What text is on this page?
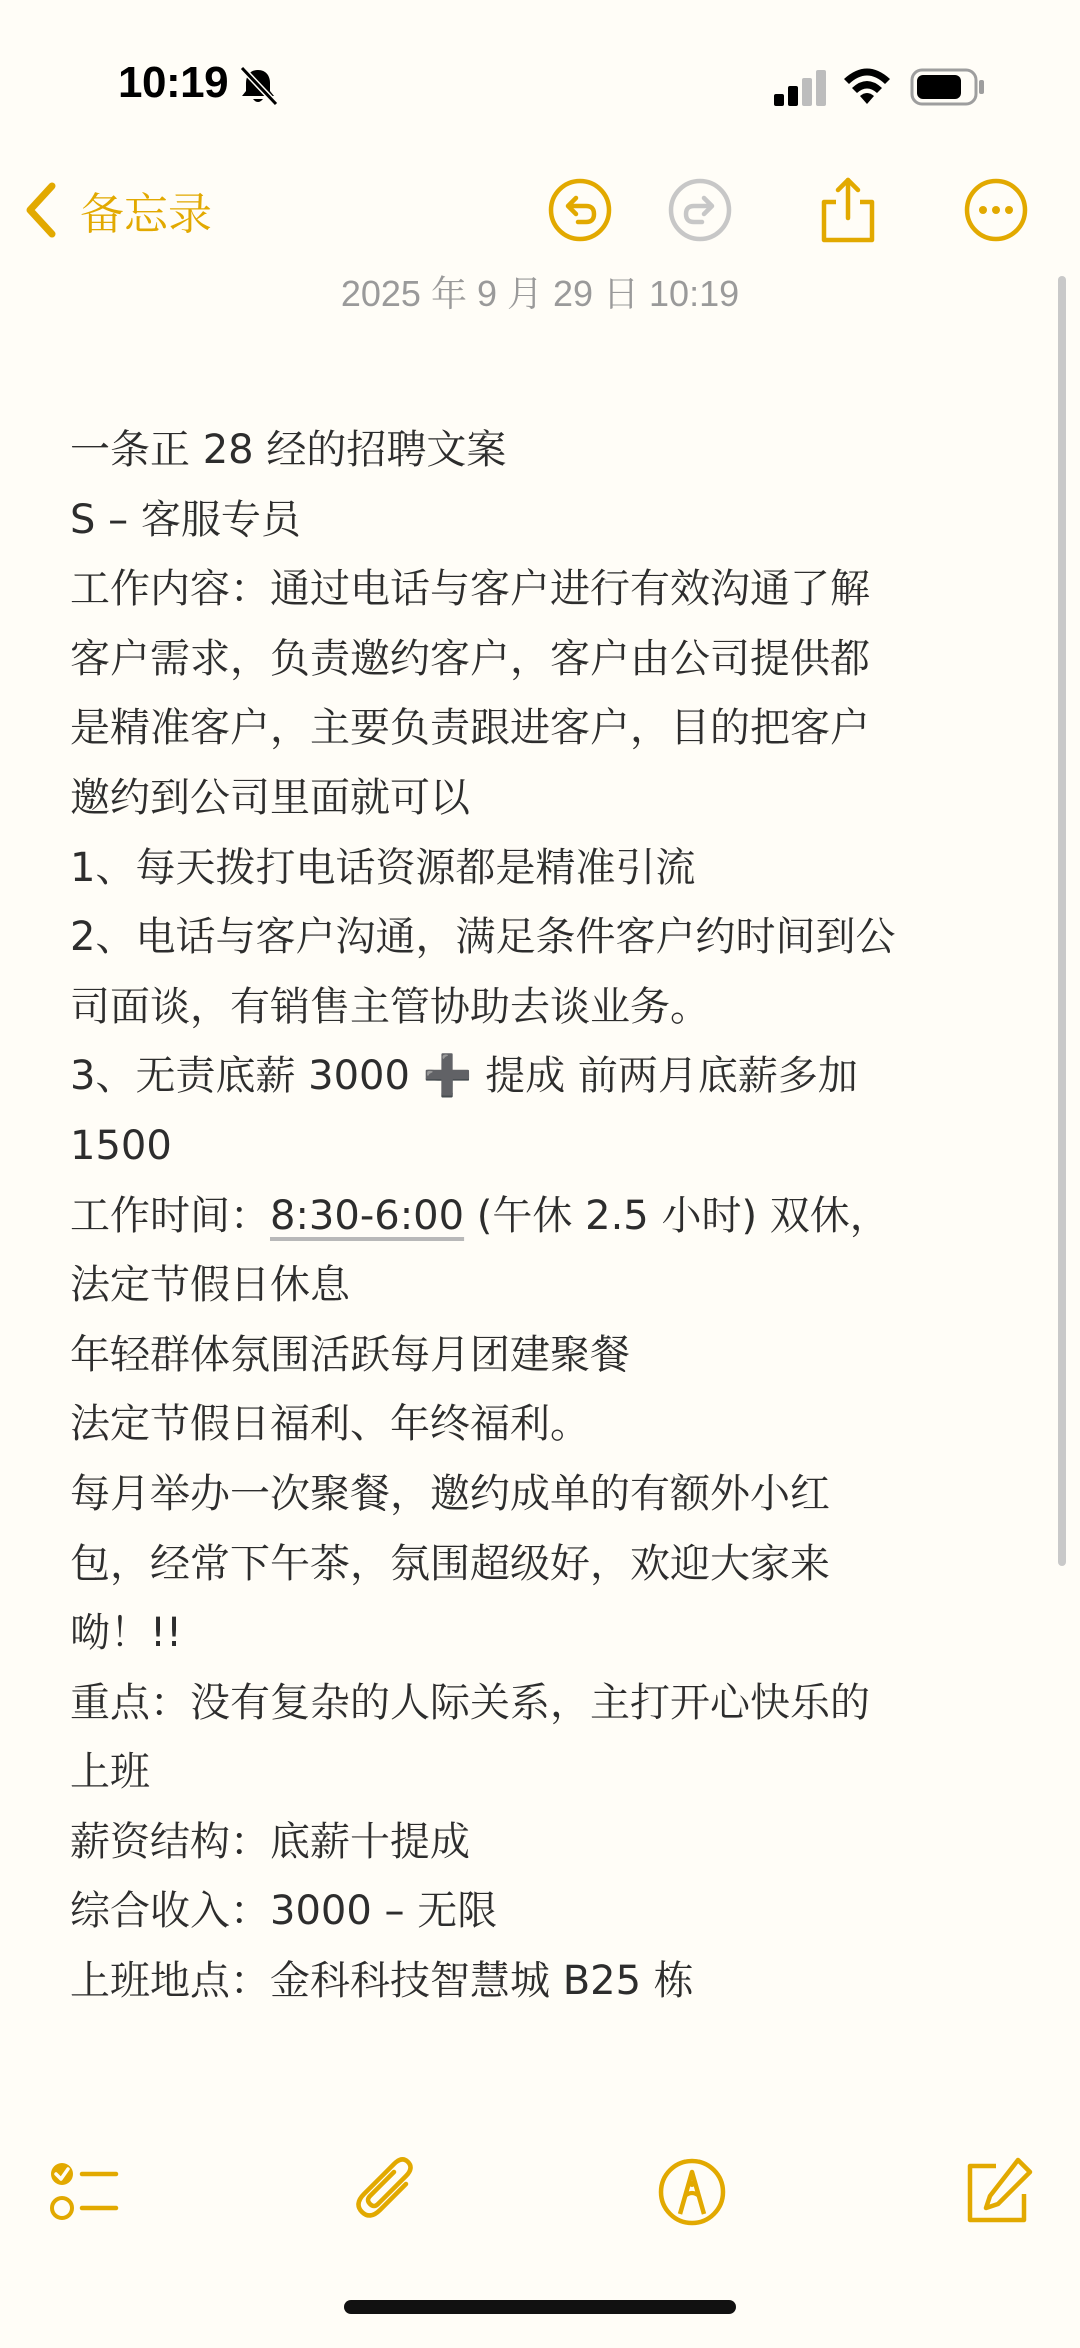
10:19
备忘录
2025 年 9 月 29 日 10:19
一条正 28 经的招聘文案
S – 客服专员
工作内容：通过电话与客户进行有效沟通了解
客户需求，负责邀约客户，客户由公司提供都
是精准客户，主要负责跟进客户，目的把客户
邀约到公司里面就可以
1、每天拨打电话资源都是精准引流
2、电话与客户沟通，满足条件客户约时间到公
司面谈，有销售主管协助去谈业务。
3、无责底薪 3000 ➕ 提成 前两月底薪多加
1500
工作时间：8:30-6:00 (午休 2.5 小时) 双休，
法定节假日休息
年轻群体氛围活跃每月团建聚餐
法定节假日福利、年终福利。
每月举办一次聚餐，邀约成单的有额外小红
包，经常下午茶，氛围超级好，欢迎大家来
呦！!!
重点：没有复杂的人际关系，主打开心快乐的
上班
薪资结构：底薪十提成
综合收入：3000 – 无限
上班地点：金科科技智慧城 B25 栋
